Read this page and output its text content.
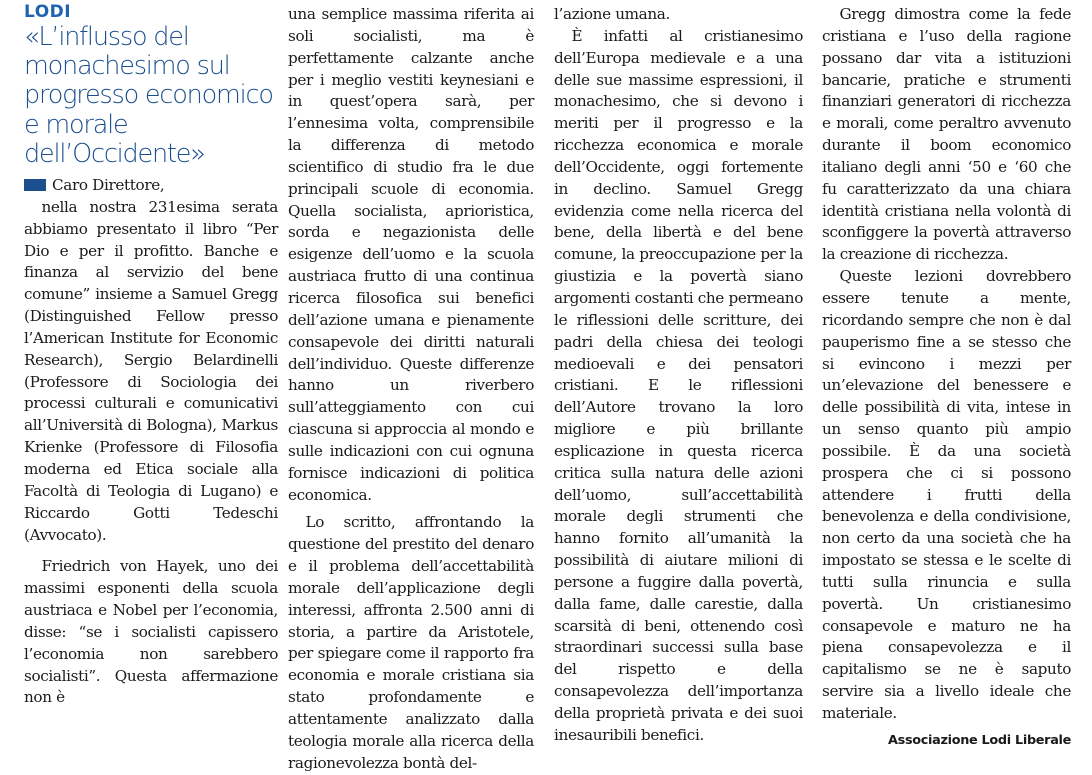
LODI
«L’influsso del monachesimo sul progresso economico e morale dell’Occidente»

Caro Direttore,

nella nostra 231esima serata abbiamo presentato il libro “Per Dio e per il profitto. Banche e finanza al servizio del bene comune” insieme a Samuel Gregg (Distinguished Fellow presso l’American Institute for Economic Research), Sergio Belardinelli (Professore di Sociologia dei processi culturali e comunicativi all’Università di Bologna), Markus Krienke (Professore di Filosofia moderna ed Etica sociale alla Facoltà di Teologia di Lugano) e Riccardo Gotti Tedeschi (Avvocato).

Friedrich von Hayek, uno dei massimi esponenti della scuola austriaca e Nobel per l’economia, disse: “se i socialisti capissero l’economia non sarebbero socialisti”. Questa affermazione non è

una semplice massima riferita ai soli socialisti, ma è perfettamente calzante anche per i meglio vestiti keynesiani e in quest’opera sarà, per l’ennesima volta, comprensibile la differenza di metodo scientifico di studio fra le due principali scuole di economia. Quella socialista, aprioristica, sorda e negazionista delle esigenze dell’uomo e la scuola austriaca frutto di una continua ricerca filosofica sui benefici dell’azione umana e pienamente consapevole dei diritti naturali dell’individuo. Queste differenze hanno un riverbero sull’atteggiamento con cui ciascuna si approccia al mondo e sulle indicazioni con cui ognuna fornisce indicazioni di politica economica.

Lo scritto, affrontando la questione del prestito del denaro e il problema dell’accettabilità morale dell’applicazione degli interessi, affronta 2.500 anni di storia, a partire da Aristotele, per spiegare come il rapporto fra economia e morale cristiana sia stato profondamente e attentamente analizzato dalla teologia morale alla ricerca della ragionevolezza bontà del-

l’azione umana.

È infatti al cristianesimo dell’Europa medievale e a una delle sue massime espressioni, il monachesimo, che si devono i meriti per il progresso e la ricchezza economica e morale dell’Occidente, oggi fortemente in declino. Samuel Gregg evidenzia come nella ricerca del bene, della libertà e del bene comune, la preoccupazione per la giustizia e la povertà siano argomenti costanti che permeano le riflessioni delle scritture, dei padri della chiesa dei teologi medioevali e dei pensatori cristiani. E le riflessioni dell’Autore trovano la loro migliore e più brillante esplicazione in questa ricerca critica sulla natura delle azioni dell’uomo, sull’accettabilità morale degli strumenti che hanno fornito all’umanità la possibilità di aiutare milioni di persone a fuggire dalla povertà, dalla fame, dalle carestie, dalla scarsità di beni, ottenendo così straordinari successi sulla base del rispetto e della consapevolezza dell’importanza della proprietà privata e dei suoi inesauribili benefici.

Gregg dimostra come la fede cristiana e l’uso della ragione possano dar vita a istituzioni bancarie, pratiche e strumenti finanziari generatori di ricchezza e morali, come peraltro avvenuto durante il boom economico italiano degli anni ‘50 e ‘60 che fu caratterizzato da una chiara identità cristiana nella volontà di sconfiggere la povertà attraverso la creazione di ricchezza.

Queste lezioni dovrebbero essere tenute a mente, ricordando sempre che non è dal pauperismo fine a se stesso che si evincono i mezzi per un’elevazione del benessere e delle possibilità di vita, intese in un senso quanto più ampio possibile. È da una società prospera che ci si possono attendere i frutti della benevolenza e della condivisione, non certo da una società che ha impostato se stessa e le scelte di tutti sulla rinuncia e sulla povertà. Un cristianesimo consapevole e maturo ne ha piena consapevolezza e il capitalismo se ne è saputo servire sia a livello ideale che materiale.

Associazione Lodi Liberale
